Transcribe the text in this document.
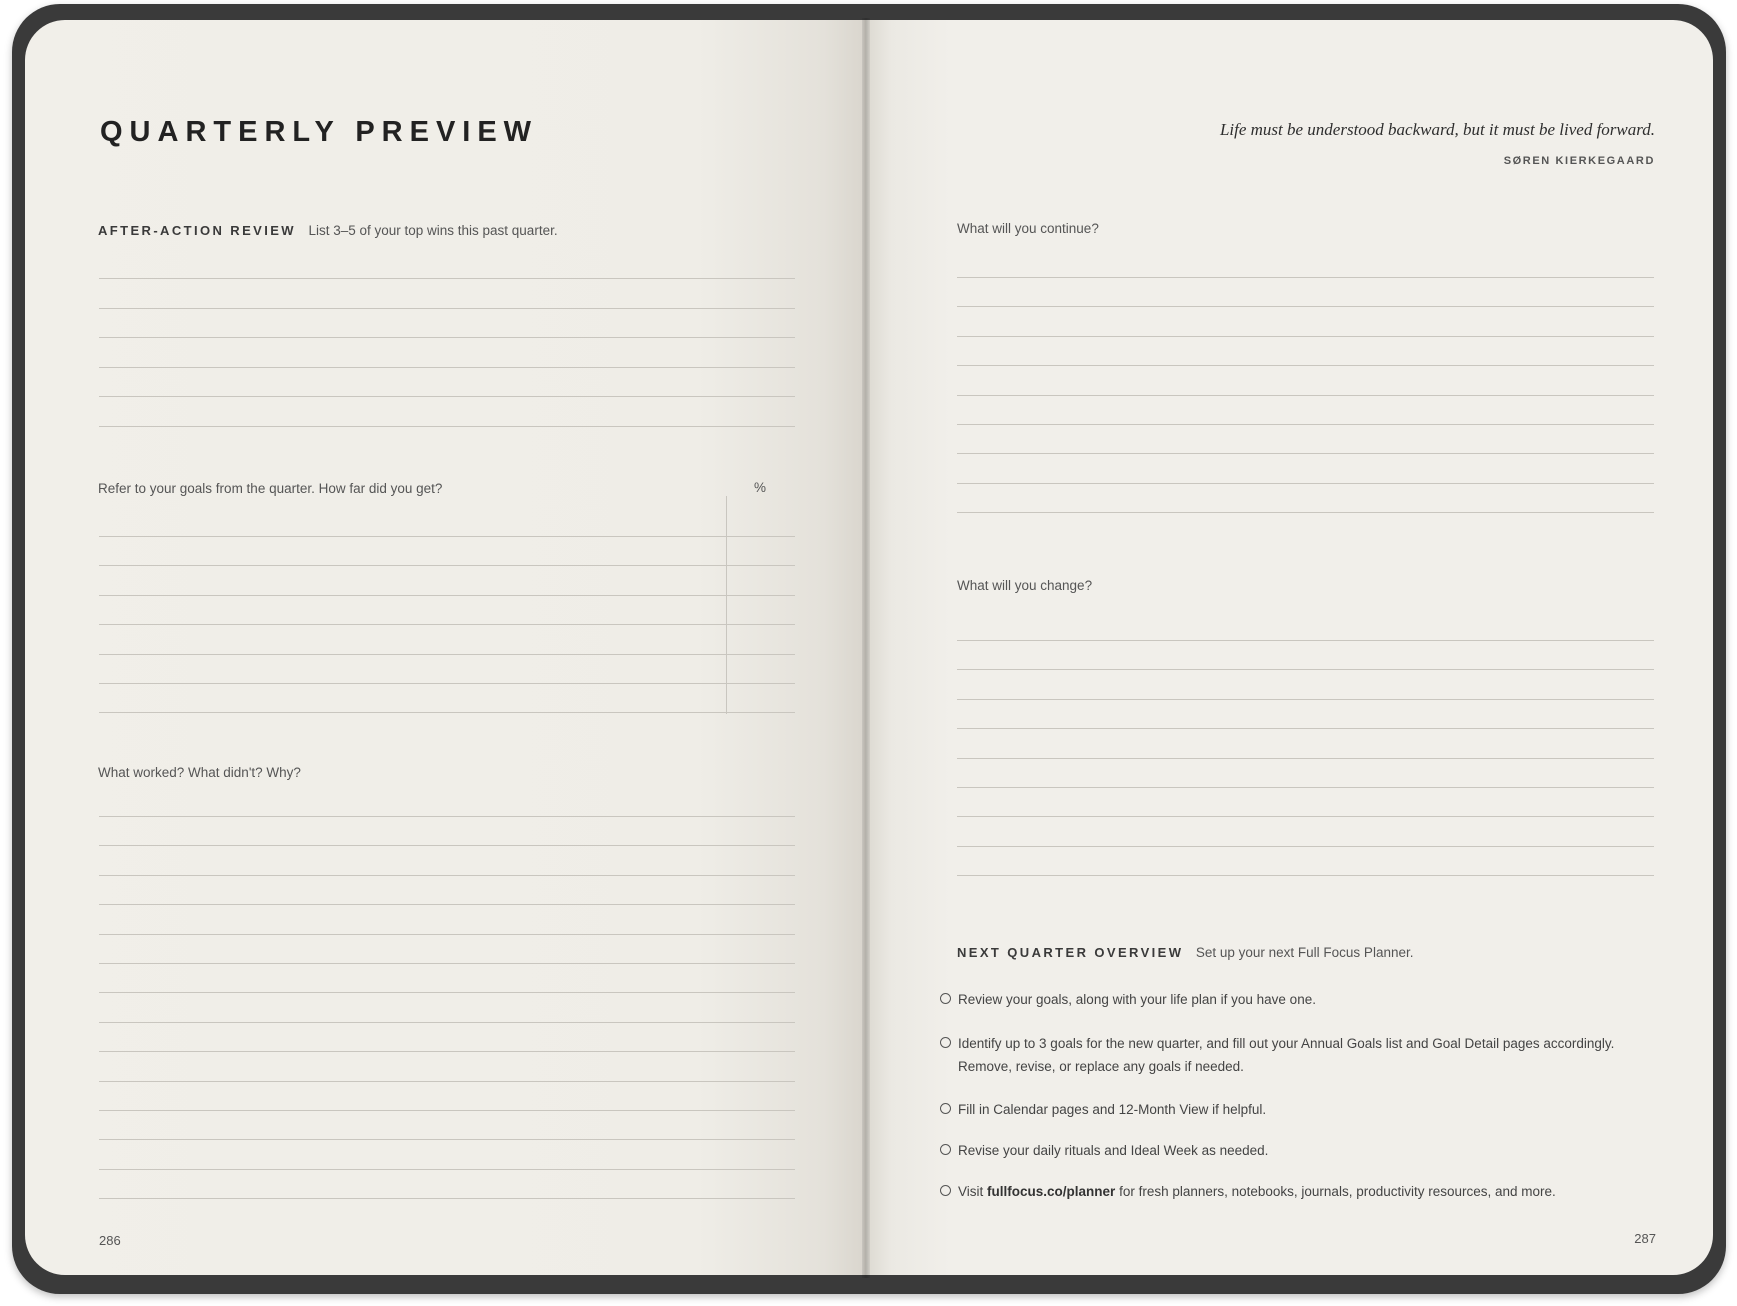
QUARTERLY PREVIEW
AFTER-ACTION REVIEW List 3–5 of your top wins this past quarter.
Refer to your goals from the quarter. How far did you get?	%
What worked? What didn't? Why?
286
Life must be understood backward, but it must be lived forward.
SØREN KIERKEGAARD
What will you continue?
What will you change?
NEXT QUARTER OVERVIEW Set up your next Full Focus Planner.
Review your goals, along with your life plan if you have one.
Identify up to 3 goals for the new quarter, and fill out your Annual Goals list and Goal Detail pages accordingly. Remove, revise, or replace any goals if needed.
Fill in Calendar pages and 12-Month View if helpful.
Revise your daily rituals and Ideal Week as needed.
Visit fullfocus.co/planner for fresh planners, notebooks, journals, productivity resources, and more.
287
